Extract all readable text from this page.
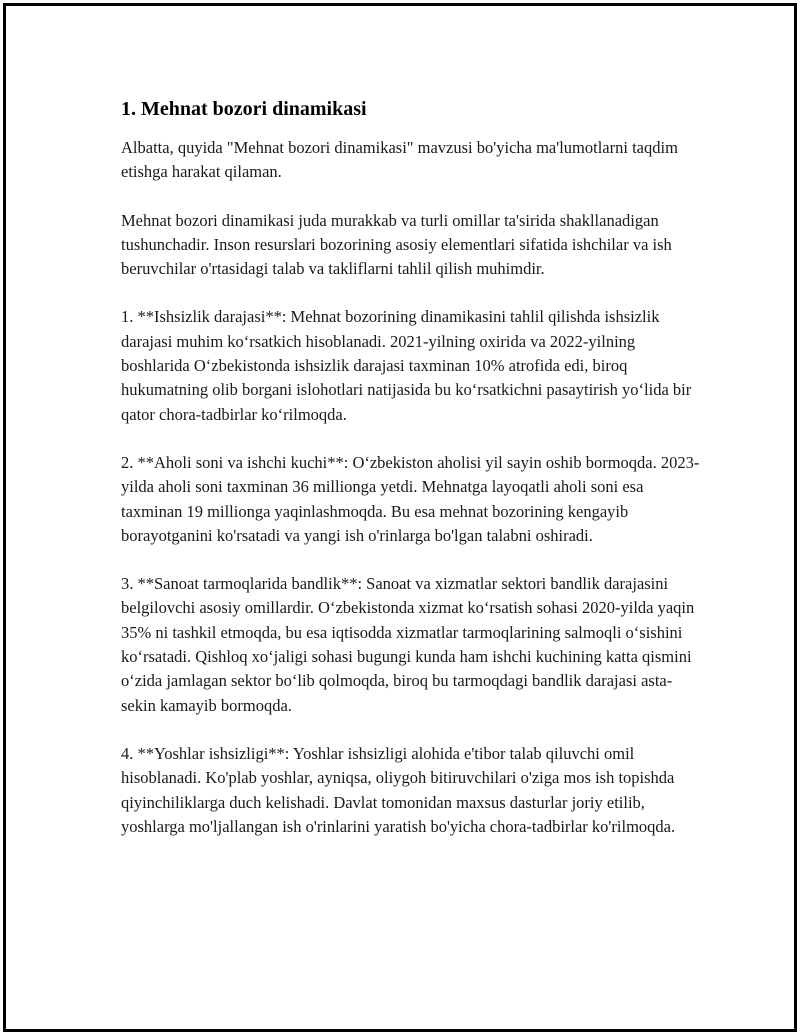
1. Mehnat bozori dinamikasi

Albatta, quyida "Mehnat bozori dinamikasi" mavzusi bo'yicha ma'lumotlarni taqdim etishga harakat qilaman.

Mehnat bozori dinamikasi juda murakkab va turli omillar ta'sirida shakllanadigan tushunchadir. Inson resurslari bozorining asosiy elementlari sifatida ishchilar va ish beruvchilar o'rtasidagi talab va takliflarni tahlil qilish muhimdir.

1. **Ishsizlik darajasi**: Mehnat bozorining dinamikasini tahlil qilishda ishsizlik darajasi muhim ko‘rsatkich hisoblanadi. 2021-yilning oxirida va 2022-yilning boshlarida O‘zbekistonda ishsizlik darajasi taxminan 10% atrofida edi, biroq hukumatning olib borgani islohotlari natijasida bu ko‘rsatkichni pasaytirish yo‘lida bir qator chora-tadbirlar ko‘rilmoqda.

2. **Aholi soni va ishchi kuchi**: O‘zbekiston aholisi yil sayin oshib bormoqda. 2023-yilda aholi soni taxminan 36 millionga yetdi. Mehnatga layoqatli aholi soni esa taxminan 19 millionga yaqinlashmoqda. Bu esa mehnat bozorining kengayib borayotganini ko'rsatadi va yangi ish o'rinlarga bo'lgan talabni oshiradi.

3. **Sanoat tarmoqlarida bandlik**: Sanoat va xizmatlar sektori bandlik darajasini belgilovchi asosiy omillardir. O‘zbekistonda xizmat ko‘rsatish sohasi 2020-yilda yaqin 35% ni tashkil etmoqda, bu esa iqtisodda xizmatlar tarmoqlarining salmoqli o‘sishini ko‘rsatadi. Qishloq xo‘jaligi sohasi bugungi kunda ham ishchi kuchining katta qismini o‘zida jamlagan sektor bo‘lib qolmoqda, biroq bu tarmoqdagi bandlik darajasi asta-sekin kamayib bormoqda.

4. **Yoshlar ishsizligi**: Yoshlar ishsizligi alohida e'tibor talab qiluvchi omil hisoblanadi. Ko'plab yoshlar, ayniqsa, oliygoh bitiruvchilari o'ziga mos ish topishda qiyinchiliklarga duch kelishadi. Davlat tomonidan maxsus dasturlar joriy etilib, yoshlarga mo'ljallangan ish o'rinlarini yaratish bo'yicha chora-tadbirlar ko'rilmoqda.
